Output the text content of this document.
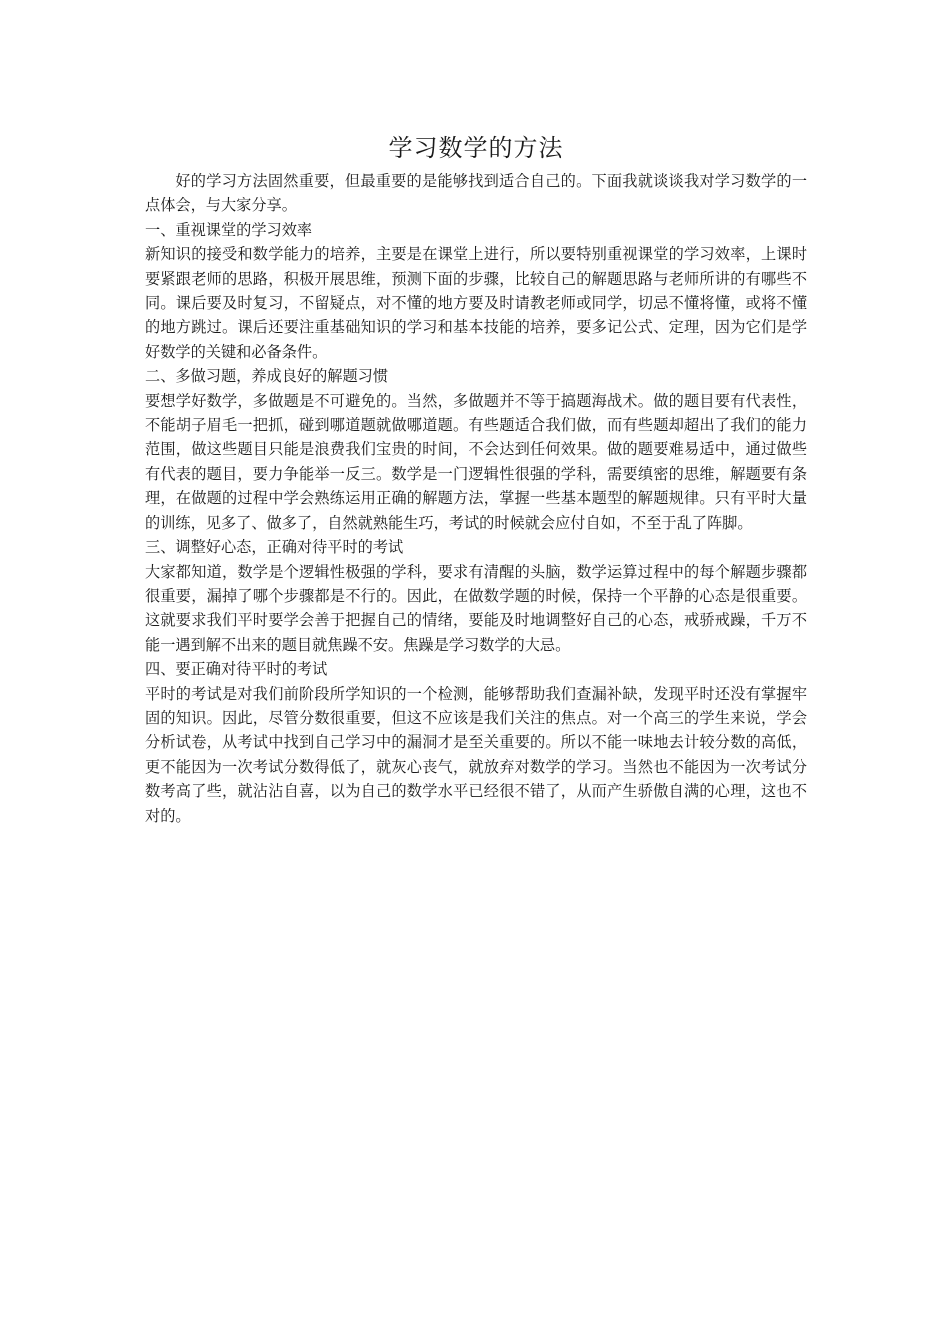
学习数学的方法

好的学习方法固然重要，但最重要的是能够找到适合自己的。下面我就谈谈我对学习数学的一点体会，与大家分享。

一、重视课堂的学习效率

新知识的接受和数学能力的培养，主要是在课堂上进行，所以要特别重视课堂的学习效率，上课时要紧跟老师的思路，积极开展思维，预测下面的步骤，比较自己的解题思路与老师所讲的有哪些不同。课后要及时复习，不留疑点，对不懂的地方要及时请教老师或同学，切忌不懂将懂，或将不懂的地方跳过。课后还要注重基础知识的学习和基本技能的培养，要多记公式、定理，因为它们是学好数学的关键和必备条件。

二、多做习题，养成良好的解题习惯

要想学好数学，多做题是不可避免的。当然，多做题并不等于搞题海战术。做的题目要有代表性，不能胡子眉毛一把抓，碰到哪道题就做哪道题。有些题适合我们做，而有些题却超出了我们的能力范围，做这些题目只能是浪费我们宝贵的时间，不会达到任何效果。做的题要难易适中，通过做些有代表的题目，要力争能举一反三。数学是一门逻辑性很强的学科，需要缜密的思维，解题要有条理，在做题的过程中学会熟练运用正确的解题方法，掌握一些基本题型的解题规律。只有平时大量的训练，见多了、做多了，自然就熟能生巧，考试的时候就会应付自如，不至于乱了阵脚。

三、调整好心态，正确对待平时的考试

大家都知道，数学是个逻辑性极强的学科，要求有清醒的头脑，数学运算过程中的每个解题步骤都很重要，漏掉了哪个步骤都是不行的。因此，在做数学题的时候，保持一个平静的心态是很重要。这就要求我们平时要学会善于把握自己的情绪，要能及时地调整好自己的心态，戒骄戒躁，千万不能一遇到解不出来的题目就焦躁不安。焦躁是学习数学的大忌。

四、要正确对待平时的考试

平时的考试是对我们前阶段所学知识的一个检测，能够帮助我们查漏补缺，发现平时还没有掌握牢固的知识。因此，尽管分数很重要，但这不应该是我们关注的焦点。对一个高三的学生来说，学会分析试卷，从考试中找到自己学习中的漏洞才是至关重要的。所以不能一味地去计较分数的高低，更不能因为一次考试分数得低了，就灰心丧气，就放弃对数学的学习。当然也不能因为一次考试分数考高了些，就沾沾自喜，以为自己的数学水平已经很不错了，从而产生骄傲自满的心理，这也不对的。
